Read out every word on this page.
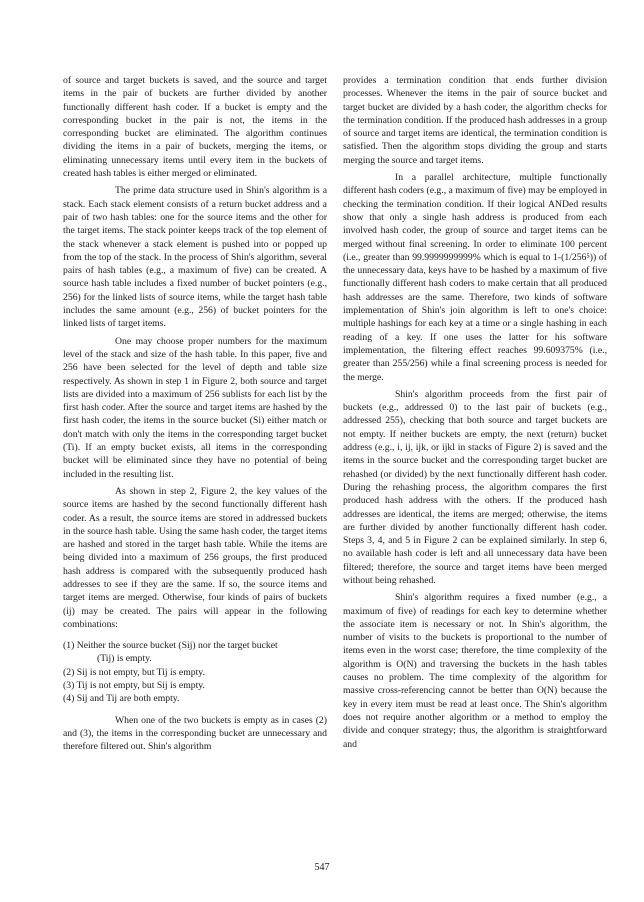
of source and target buckets is saved, and the source and target items in the pair of buckets are further divided by another functionally different hash coder. If a bucket is empty and the corresponding bucket in the pair is not, the items in the corresponding bucket are eliminated. The algorithm continues dividing the items in a pair of buckets, merging the items, or eliminating unnecessary items until every item in the buckets of created hash tables is either merged or eliminated.

The prime data structure used in Shin's algorithm is a stack. Each stack element consists of a return bucket address and a pair of two hash tables: one for the source items and the other for the target items. The stack pointer keeps track of the top element of the stack whenever a stack element is pushed into or popped up from the top of the stack. In the process of Shin's algorithm, several pairs of hash tables (e.g., a maximum of five) can be created. A source hash table includes a fixed number of bucket pointers (e.g., 256) for the linked lists of source items, while the target hash table includes the same amount (e.g., 256) of bucket pointers for the linked lists of target items.

One may choose proper numbers for the maximum level of the stack and size of the hash table. In this paper, five and 256 have been selected for the level of depth and table size respectively. As shown in step 1 in Figure 2, both source and target lists are divided into a maximum of 256 sublists for each list by the first hash coder. After the source and target items are hashed by the first hash coder, the items in the source bucket (Si) either match or don't match with only the items in the corresponding target bucket (Ti). If an empty bucket exists, all items in the corresponding bucket will be eliminated since they have no potential of being included in the resulting list.

As shown in step 2, Figure 2, the key values of the source items are hashed by the second functionally different hash coder. As a result, the source items are stored in addressed buckets in the source hash table. Using the same hash coder, the target items are hashed and stored in the target hash table. While the items are being divided into a maximum of 256 groups, the first produced hash address is compared with the subsequently produced hash addresses to see if they are the same. If so, the source items and target items are merged. Otherwise, four kinds of pairs of buckets (ij) may be created. The pairs will appear in the following combinations:

(1) Neither the source bucket (Sij) nor the target bucket
(Tij) is empty.
(2) Sij is not empty, but Tij is empty.
(3) Tij is not empty, but Sij is empty.
(4) Sij and Tij are both empty.

When one of the two buckets is empty as in cases (2) and (3), the items in the corresponding bucket are unnecessary and therefore filtered out. Shin's algorithm

provides a termination condition that ends further division processes. Whenever the items in the pair of source bucket and target bucket are divided by a hash coder, the algorithm checks for the termination condition. If the produced hash addresses in a group of source and target items are identical, the termination condition is satisfied. Then the algorithm stops dividing the group and starts merging the source and target items.

In a parallel architecture, multiple functionally different hash coders (e.g., a maximum of five) may be employed in checking the termination condition. If their logical ANDed results show that only a single hash address is produced from each involved hash coder, the group of source and target items can be merged without final screening. In order to eliminate 100 percent (i.e., greater than 99.9999999999% which is equal to 1-(1/256⁵)) of the unnecessary data, keys have to be hashed by a maximum of five functionally different hash coders to make certain that all produced hash addresses are the same. Therefore, two kinds of software implementation of Shin's join algorithm is left to one's choice: multiple hashings for each key at a time or a single hashing in each reading of a key. If one uses the latter for his software implementation, the filtering effect reaches 99.609375% (i.e., greater than 255/256) while a final screening process is needed for the merge.

Shin's algorithm proceeds from the first pair of buckets (e.g., addressed 0) to the last pair of buckets (e.g., addressed 255), checking that both source and target buckets are not empty. If neither buckets are empty, the next (return) bucket address (e.g., i, ij, ijk, or ijkl in stacks of Figure 2) is saved and the items in the source bucket and the corresponding target bucket are rehashed (or divided) by the next functionally different hash coder. During the rehashing process, the algorithm compares the first produced hash address with the others. If the produced hash addresses are identical, the items are merged; otherwise, the items are further divided by another functionally different hash coder. Steps 3, 4, and 5 in Figure 2 can be explained similarly. In step 6, no available hash coder is left and all unnecessary data have been filtered; therefore, the source and target items have been merged without being rehashed.

Shin's algorithm requires a fixed number (e.g., a maximum of five) of readings for each key to determine whether the associate item is necessary or not. In Shin's algorithm, the number of visits to the buckets is proportional to the number of items even in the worst case; therefore, the time complexity of the algorithm is O(N) and traversing the buckets in the hash tables causes no problem. The time complexity of the algorithm for massive cross-referencing cannot be better than O(N) because the key in every item must be read at least once. The Shin's algorithm does not require another algorithm or a method to employ the divide and conquer strategy; thus, the algorithm is straightforward and

547
